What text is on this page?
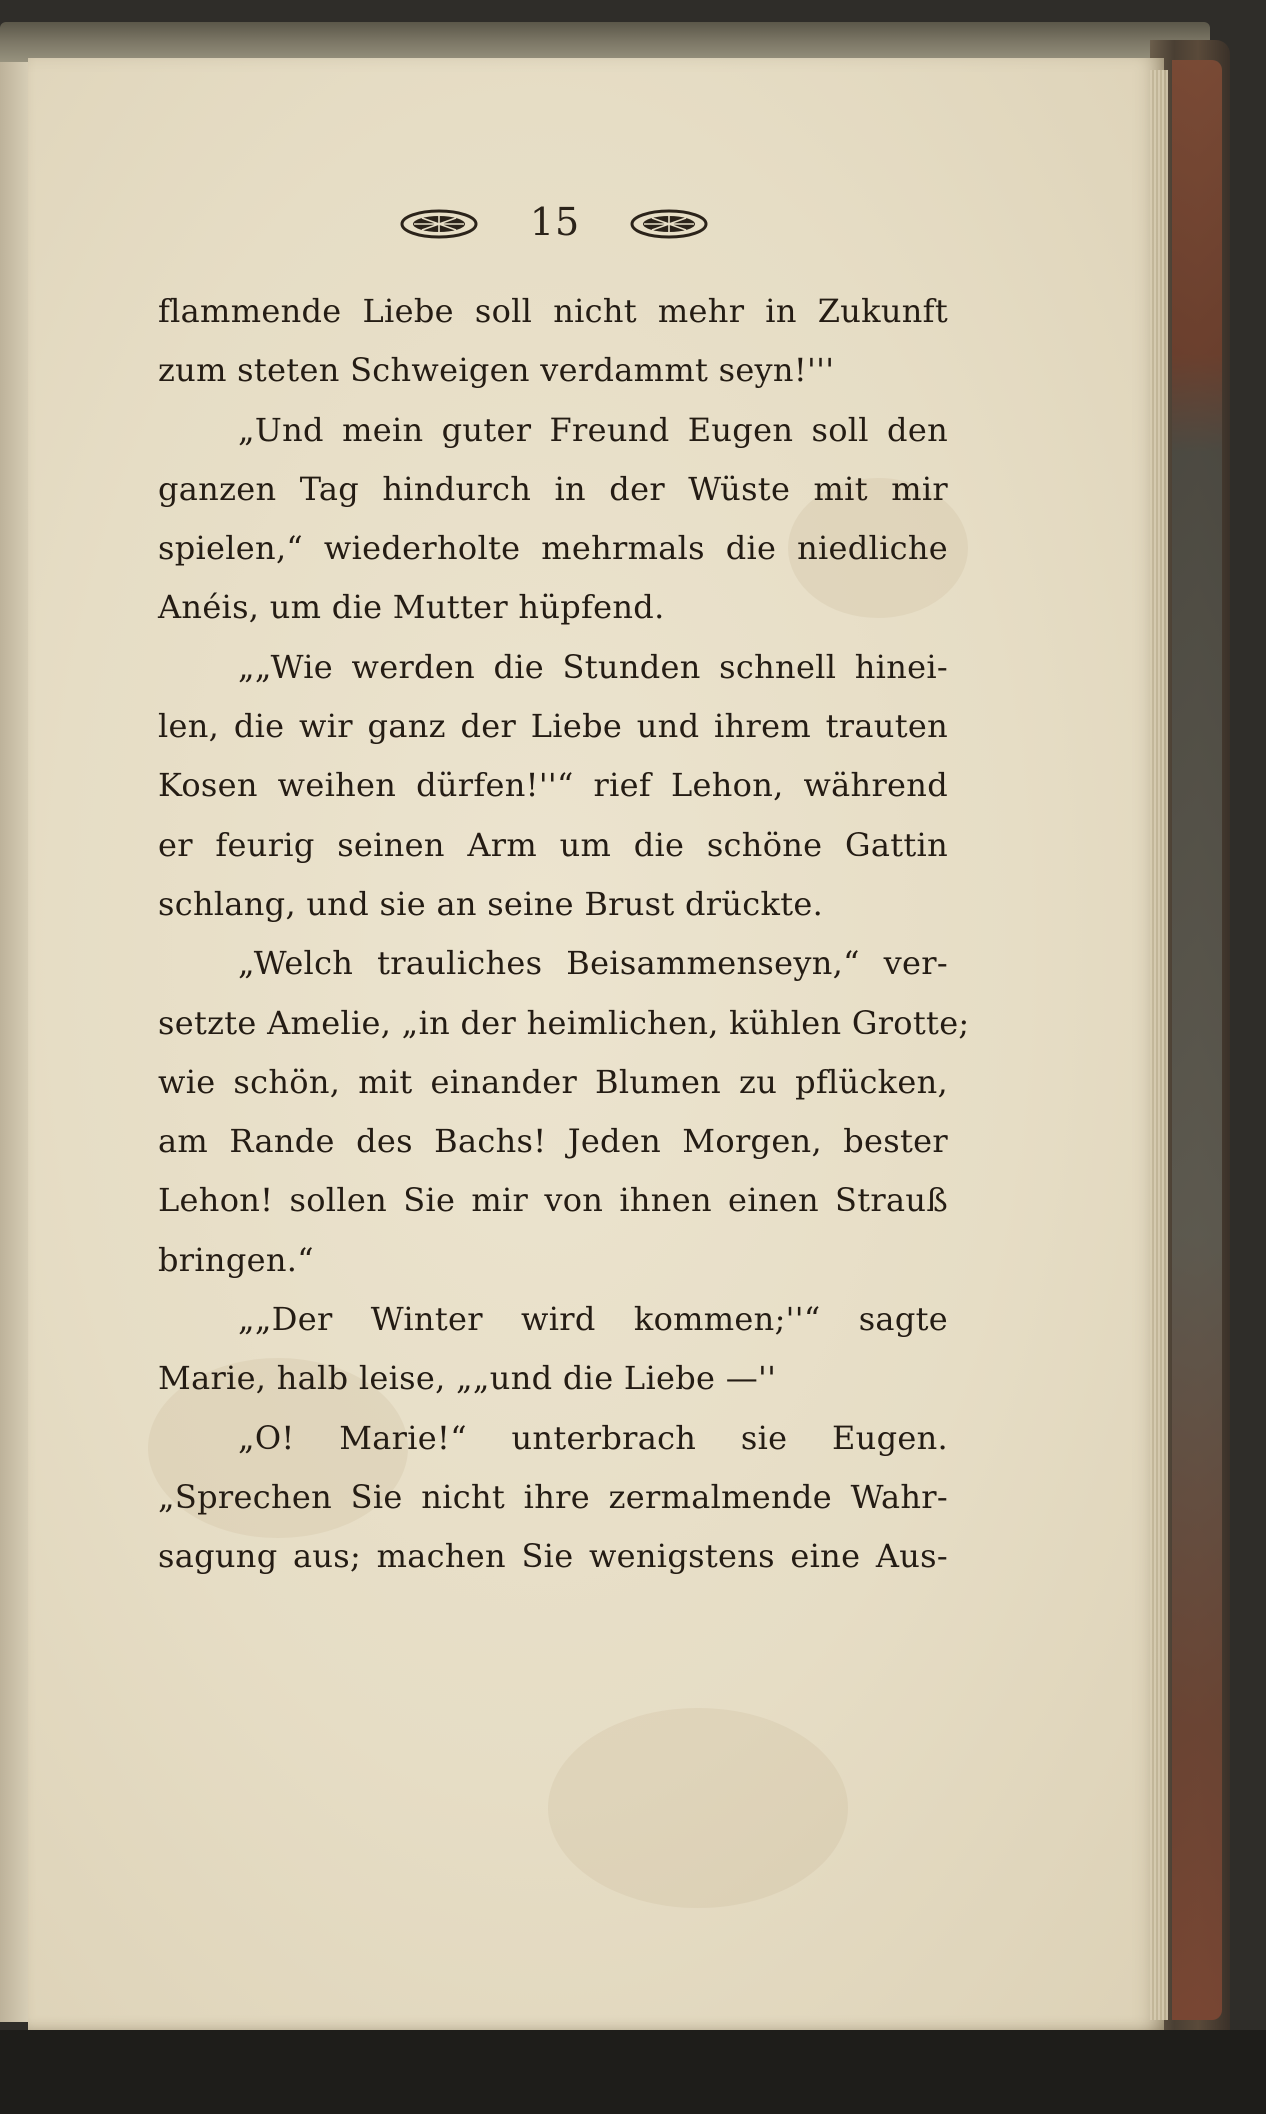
15
flammende Liebe soll nicht mehr in Zukunft
zum steten Schweigen verdammt seyn!'''
„Und mein guter Freund Eugen soll den
ganzen Tag hindurch in der Wüste mit mir
spielen,“ wiederholte mehrmals die niedliche
Anéis, um die Mutter hüpfend.
„„Wie werden die Stunden schnell hinei-
len, die wir ganz der Liebe und ihrem trauten
Kosen weihen dürfen!''“ rief Lehon, während
er feurig seinen Arm um die schöne Gattin
schlang, und sie an seine Brust drückte.
„Welch trauliches Beisammenseyn,“ ver-
setzte Amelie, „in der heimlichen, kühlen Grotte;
wie schön, mit einander Blumen zu pflücken,
am Rande des Bachs! Jeden Morgen, bester
Lehon! sollen Sie mir von ihnen einen Strauß
bringen.“
„„Der Winter wird kommen;''“ sagte
Marie, halb leise, „„und die Liebe —''
„O! Marie!“ unterbrach sie Eugen.
„Sprechen Sie nicht ihre zermalmende Wahr-
sagung aus; machen Sie wenigstens eine Aus-
